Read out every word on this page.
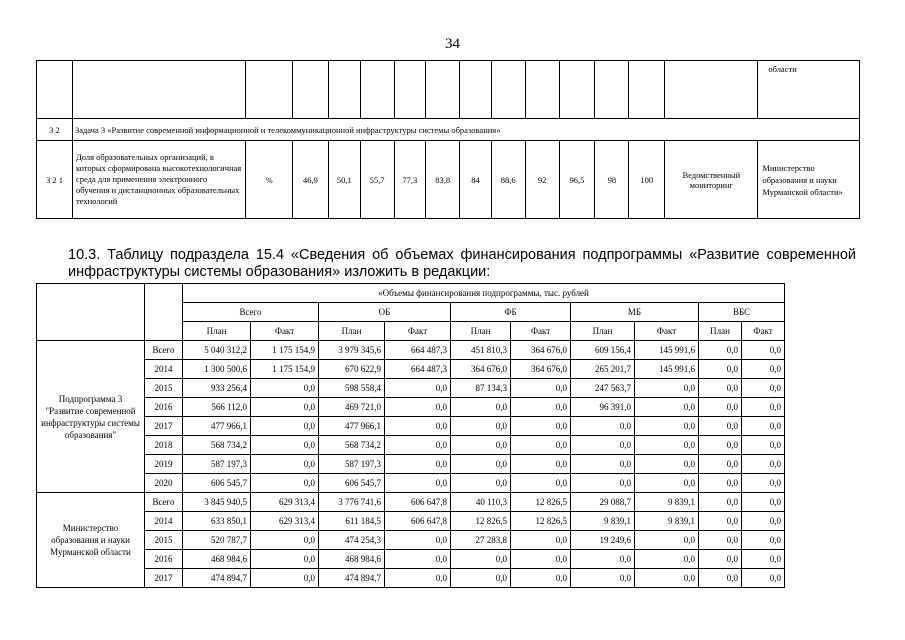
34
															области
3 2	Задача 3 «Развитие современной информационной и телекоммуникационной инфраструктуры системы образования»														
3 2 1	Доля образовательных организаций, в которых сформирована высокотехнологичная среда для применения электронного обучения и дистанционных образовательных технологий	%	46,9	50,1	55,7	77,3	83,8	84	88,6	92	96,5	98	100	Ведомственный мониторинг	Министерство образования и науки Мурманской области»
10.3. Таблицу подраздела 15.4 «Сведения об объемах финансирования подпрограммы «Развитие современной инфраструктуры системы образования» изложить в редакции:
		«Объемы финансирования подпрограммы, тыс. рублей									
		Всего		ОБ		ФБ		МБ		ВБС	
		План	Факт	План	Факт	План	Факт	План	Факт	План	Факт
Подпрограмма 3 "Развитие современной инфраструктуры системы образования"	Всего	5 040 312,2	1 175 154,9	3 979 345,6	664 487,3	451 810,3	364 676,0	609 156,4	145 991,6	0,0	0,0
	2014	1 300 500,6	1 175 154,9	670 622,9	664 487,3	364 676,0	364 676,0	265 201,7	145 991,6	0,0	0,0
	2015	933 256,4	0,0	598 558,4	0,0	87 134,3	0,0	247 563,7	0,0	0,0	0,0
	2016	566 112,0	0,0	469 721,0	0,0	0,0	0,0	96 391,0	0,0	0,0	0,0
	2017	477 966,1	0,0	477 966,1	0,0	0,0	0,0	0,0	0,0	0,0	0,0
	2018	568 734,2	0,0	568 734,2	0,0	0,0	0,0	0,0	0,0	0,0	0,0
	2019	587 197,3	0,0	587 197,3	0,0	0,0	0,0	0,0	0,0	0,0	0,0
	2020	606 545,7	0,0	606 545,7	0,0	0,0	0,0	0,0	0,0	0,0	0,0
Министерство образования и науки Мурманской области	Всего	3 845 940,5	629 313,4	3 776 741,6	606 647,8	40 110,3	12 826,5	29 088,7	9 839,1	0,0	0,0
	2014	633 850,1	629 313,4	611 184,5	606 647,8	12 826,5	12 826,5	9 839,1	9 839,1	0,0	0,0
	2015	520 787,7	0,0	474 254,3	0,0	27 283,8	0,0	19 249,6	0,0	0,0	0,0
	2016	468 984,6	0,0	468 984,6	0,0	0,0	0,0	0,0	0,0	0,0	0,0
	2017	474 894,7	0,0	474 894,7	0,0	0,0	0,0	0,0	0,0	0,0	0,0
